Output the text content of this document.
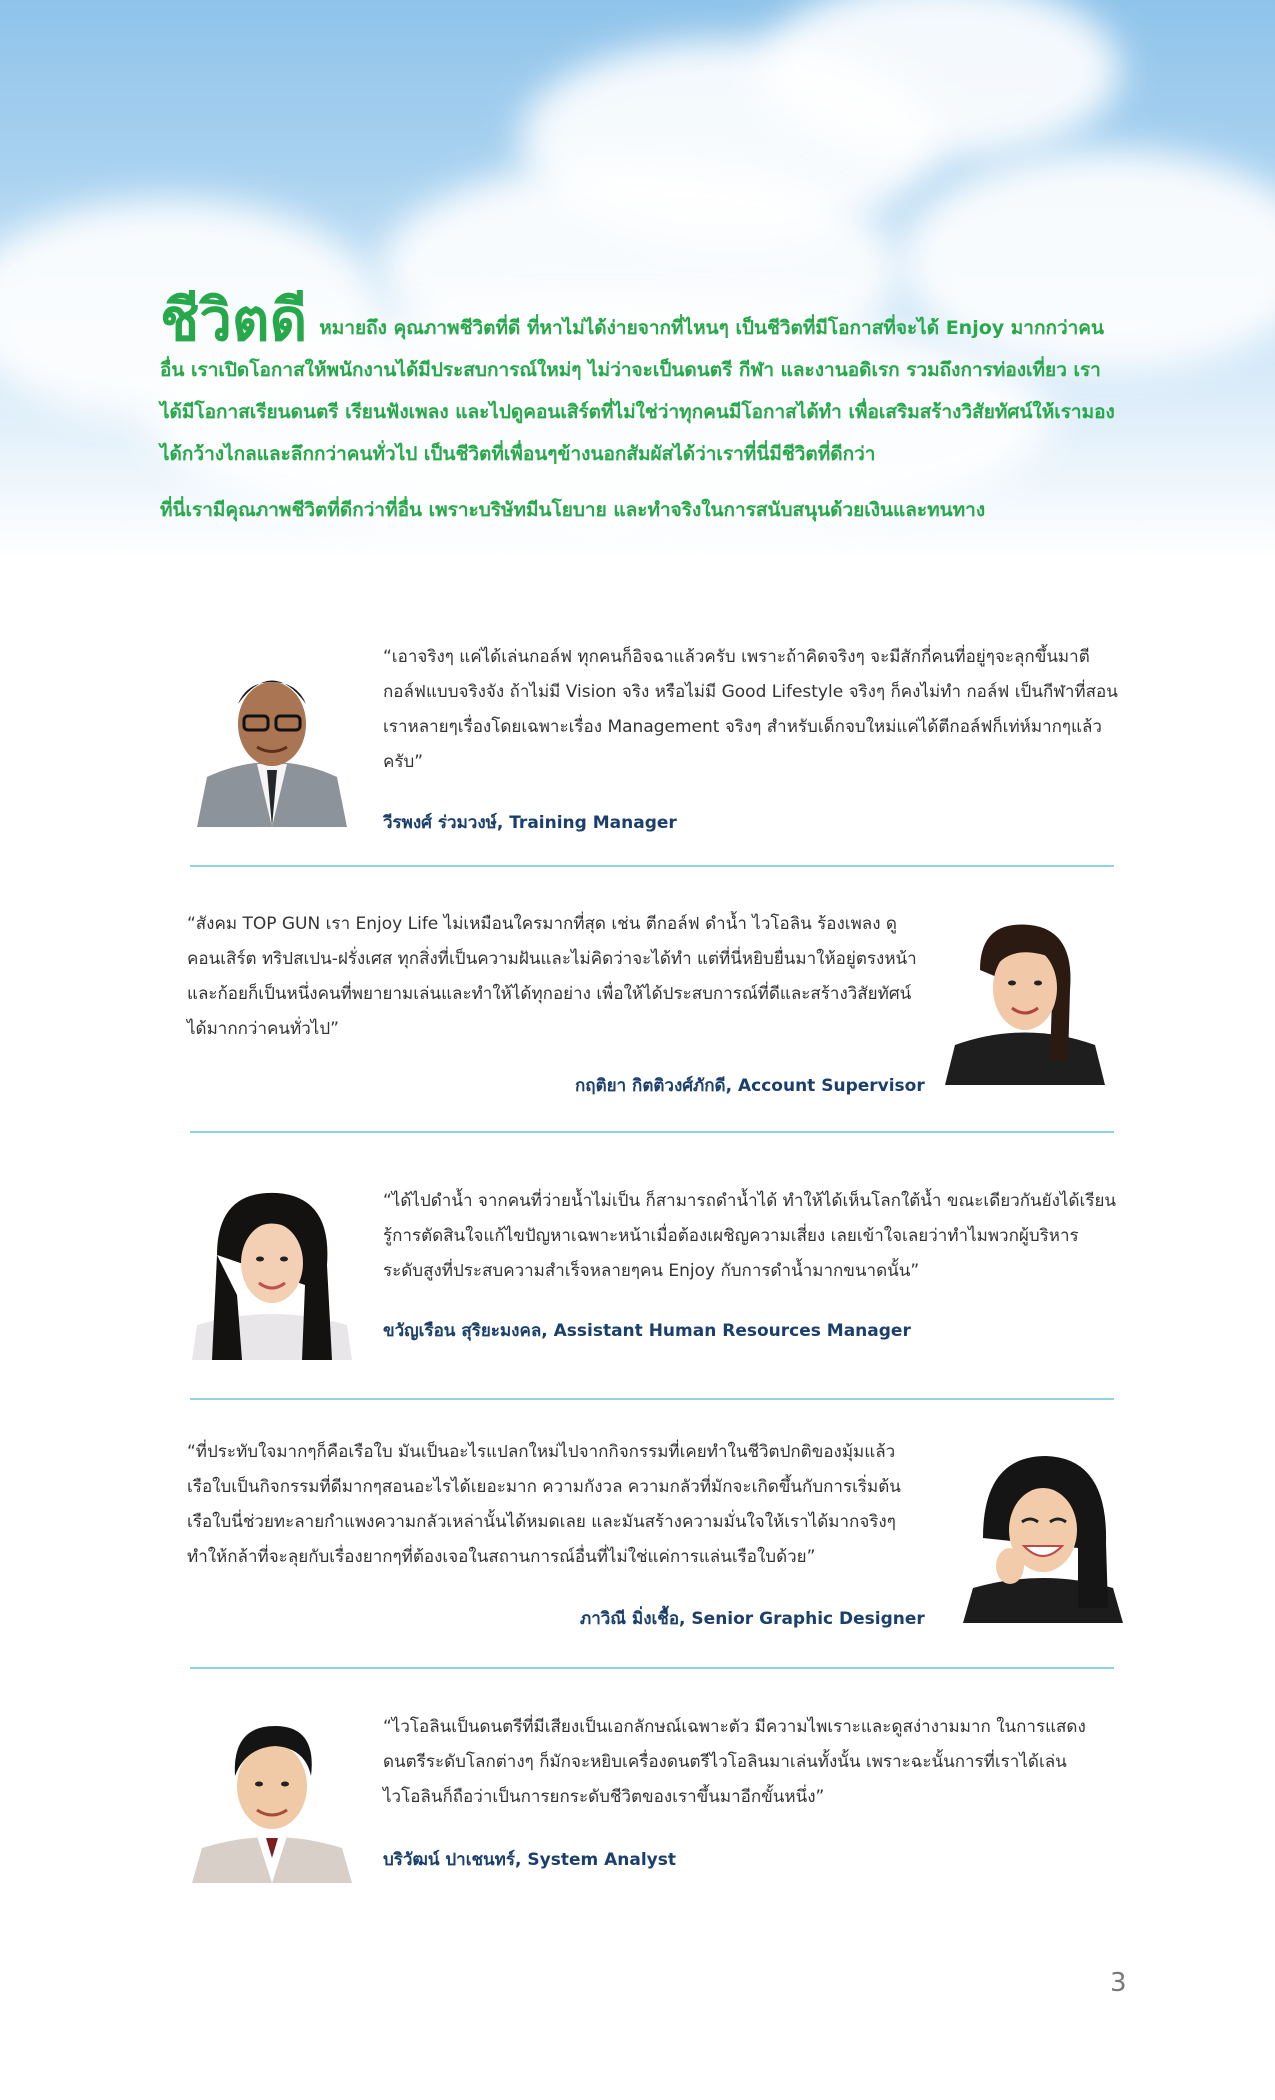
ชีวิตดี หมายถึง คุณภาพชีวิตที่ดี ที่หาไม่ได้ง่ายจากที่ไหนๆ เป็นชีวิตที่มีโอกาสที่จะได้ Enjoy มากกว่าคนอื่น เราเปิดโอกาสให้พนักงานได้มีประสบการณ์ใหม่ๆ ไม่ว่าจะเป็นดนตรี กีฬา และงานอดิเรก รวมถึงการท่องเที่ยว เราได้มีโอกาสเรียนดนตรี เรียนฟังเพลง และไปดูคอนเสิร์ตที่ไม่ใช่ว่าทุกคนมีโอกาสได้ทำ เพื่อเสริมสร้างวิสัยทัศน์ให้เรามองได้กว้างไกลและลึกกว่าคนทั่วไป เป็นชีวิตที่เพื่อนๆข้างนอกสัมผัสได้ว่าเราที่นี่มีชีวิตที่ดีกว่า

ที่นี่เรามีคุณภาพชีวิตที่ดีกว่าที่อื่น เพราะบริษัทมีนโยบาย และทำจริงในการสนับสนุนด้วยเงินและทนทาง

“เอาจริงๆ แค่ได้เล่นกอล์ฟ ทุกคนก็อิจฉาแล้วครับ เพราะถ้าคิดจริงๆ จะมีสักกี่คนที่อยู่ๆจะลุกขึ้นมาตีกอล์ฟแบบจริงจัง ถ้าไม่มี Vision จริง หรือไม่มี Good Lifestyle จริงๆ ก็คงไม่ทำ กอล์ฟ เป็นกีฬาที่สอนเราหลายๆเรื่องโดยเฉพาะเรื่อง Management จริงๆ สำหรับเด็กจบใหม่แค่ได้ตีกอล์ฟก็เท่ห์มากๆแล้วครับ”

วีรพงศ์ ร่วมวงษ์, Training Manager

“สังคม TOP GUN เรา Enjoy Life ไม่เหมือนใครมากที่สุด เช่น ตีกอล์ฟ ดำน้ำ ไวโอลิน ร้องเพลง ดูคอนเสิร์ต ทริปสเปน-ฝรั่งเศส ทุกสิ่งที่เป็นความฝันและไม่คิดว่าจะได้ทำ แต่ที่นี่หยิบยื่นมาให้อยู่ตรงหน้า และก้อยก็เป็นหนึ่งคนที่พยายามเล่นและทำให้ได้ทุกอย่าง เพื่อให้ได้ประสบการณ์ที่ดีและสร้างวิสัยทัศน์ได้มากกว่าคนทั่วไป”

กฤติยา กิตติวงศ์ภักดี, Account Supervisor

“ได้ไปดำน้ำ จากคนที่ว่ายน้ำไม่เป็น ก็สามารถดำน้ำได้ ทำให้ได้เห็นโลกใต้น้ำ ขณะเดียวกันยังได้เรียนรู้การตัดสินใจแก้ไขปัญหาเฉพาะหน้าเมื่อต้องเผชิญความเสี่ยง เลยเข้าใจเลยว่าทำไมพวกผู้บริหารระดับสูงที่ประสบความสำเร็จหลายๆคน Enjoy กับการดำน้ำมากขนาดนั้น”

ขวัญเรือน สุริยะมงคล, Assistant Human Resources Manager

“ที่ประทับใจมากๆก็คือเรือใบ มันเป็นอะไรแปลกใหม่ไปจากกิจกรรมที่เคยทำในชีวิตปกติของมุ้มแล้ว เรือใบเป็นกิจกรรมที่ดีมากๆสอนอะไรได้เยอะมาก ความกังวล ความกลัวที่มักจะเกิดขึ้นกับการเริ่มต้น เรือใบนี่ช่วยทะลายกำแพงความกลัวเหล่านั้นได้หมดเลย และมันสร้างความมั่นใจให้เราได้มากจริงๆ ทำให้กล้าที่จะลุยกับเรื่องยากๆที่ต้องเจอในสถานการณ์อื่นที่ไม่ใช่แค่การแล่นเรือใบด้วย”

ภาวิณี มิ่งเชื้อ, Senior Graphic Designer

“ไวโอลินเป็นดนตรีที่มีเสียงเป็นเอกลักษณ์เฉพาะตัว มีความไพเราะและดูสง่างามมาก ในการแสดงดนตรีระดับโลกต่างๆ ก็มักจะหยิบเครื่องดนตรีไวโอลินมาเล่นทั้งนั้น เพราะฉะนั้นการที่เราได้เล่นไวโอลินก็ถือว่าเป็นการยกระดับชีวิตของเราขึ้นมาอีกขั้นหนึ่ง”

บริวัฒน์ ปาเชนทร์, System Analyst
3
